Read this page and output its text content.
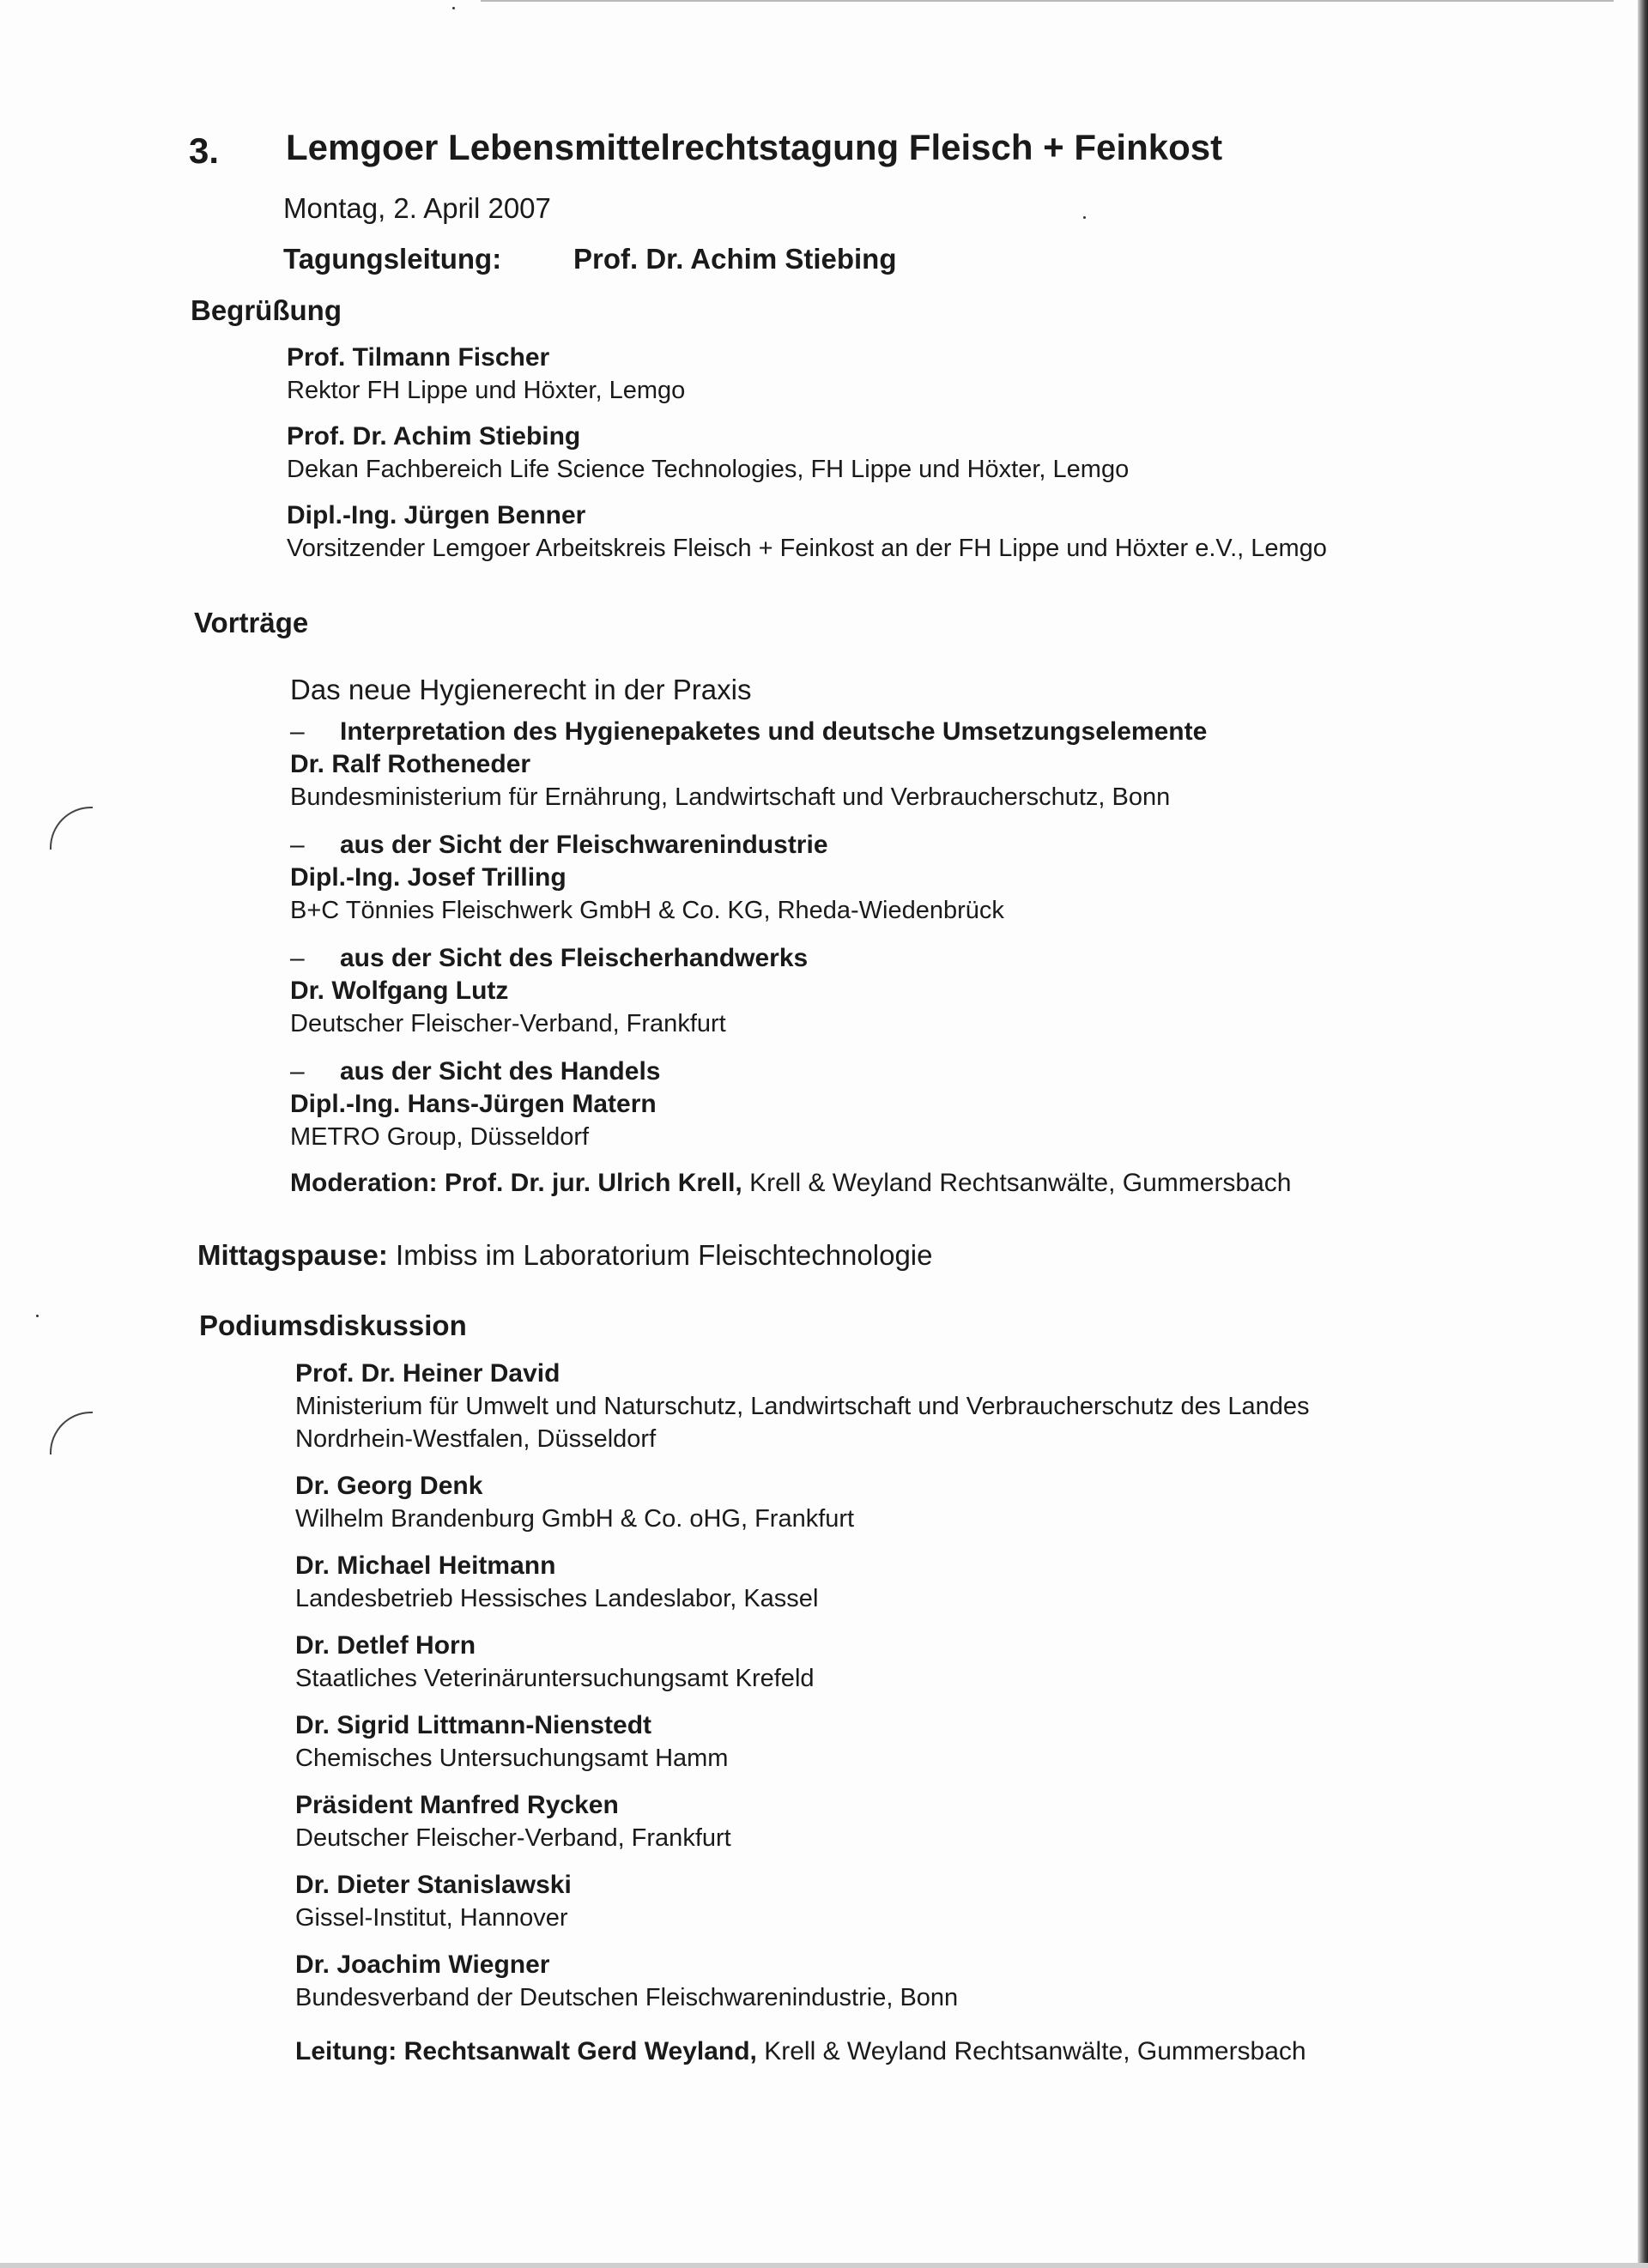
3. Lemgoer Lebensmittelrechtstagung Fleisch + Feinkost
Montag, 2. April 2007
Tagungsleitung:	Prof. Dr. Achim Stiebing
Begrüßung
Prof. Tilmann Fischer
Rektor FH Lippe und Höxter, Lemgo
Prof. Dr. Achim Stiebing
Dekan Fachbereich Life Science Technologies, FH Lippe und Höxter, Lemgo
Dipl.-Ing. Jürgen Benner
Vorsitzender Lemgoer Arbeitskreis Fleisch + Feinkost an der FH Lippe und Höxter e.V., Lemgo
Vorträge
Das neue Hygienerecht in der Praxis
– Interpretation des Hygienepaketes und deutsche Umsetzungselemente
Dr. Ralf Rotheneder
Bundesministerium für Ernährung, Landwirtschaft und Verbraucherschutz, Bonn
– aus der Sicht der Fleischwarenindustrie
Dipl.-Ing. Josef Trilling
B+C Tönnies Fleischwerk GmbH & Co. KG, Rheda-Wiedenbrück
– aus der Sicht des Fleischerhandwerks
Dr. Wolfgang Lutz
Deutscher Fleischer-Verband, Frankfurt
– aus der Sicht des Handels
Dipl.-Ing. Hans-Jürgen Matern
METRO Group, Düsseldorf
Moderation: Prof. Dr. jur. Ulrich Krell, Krell & Weyland Rechtsanwälte, Gummersbach
Mittagspause: Imbiss im Laboratorium Fleischtechnologie
Podiumsdiskussion
Prof. Dr. Heiner David
Ministerium für Umwelt und Naturschutz, Landwirtschaft und Verbraucherschutz des Landes
Nordrhein-Westfalen, Düsseldorf
Dr. Georg Denk
Wilhelm Brandenburg GmbH & Co. oHG, Frankfurt
Dr. Michael Heitmann
Landesbetrieb Hessisches Landeslabor, Kassel
Dr. Detlef Horn
Staatliches Veterinäruntersuchungsamt Krefeld
Dr. Sigrid Littmann-Nienstedt
Chemisches Untersuchungsamt Hamm
Präsident Manfred Rycken
Deutscher Fleischer-Verband, Frankfurt
Dr. Dieter Stanislawski
Gissel-Institut, Hannover
Dr. Joachim Wiegner
Bundesverband der Deutschen Fleischwarenindustrie, Bonn
Leitung: Rechtsanwalt Gerd Weyland, Krell & Weyland Rechtsanwälte, Gummersbach
